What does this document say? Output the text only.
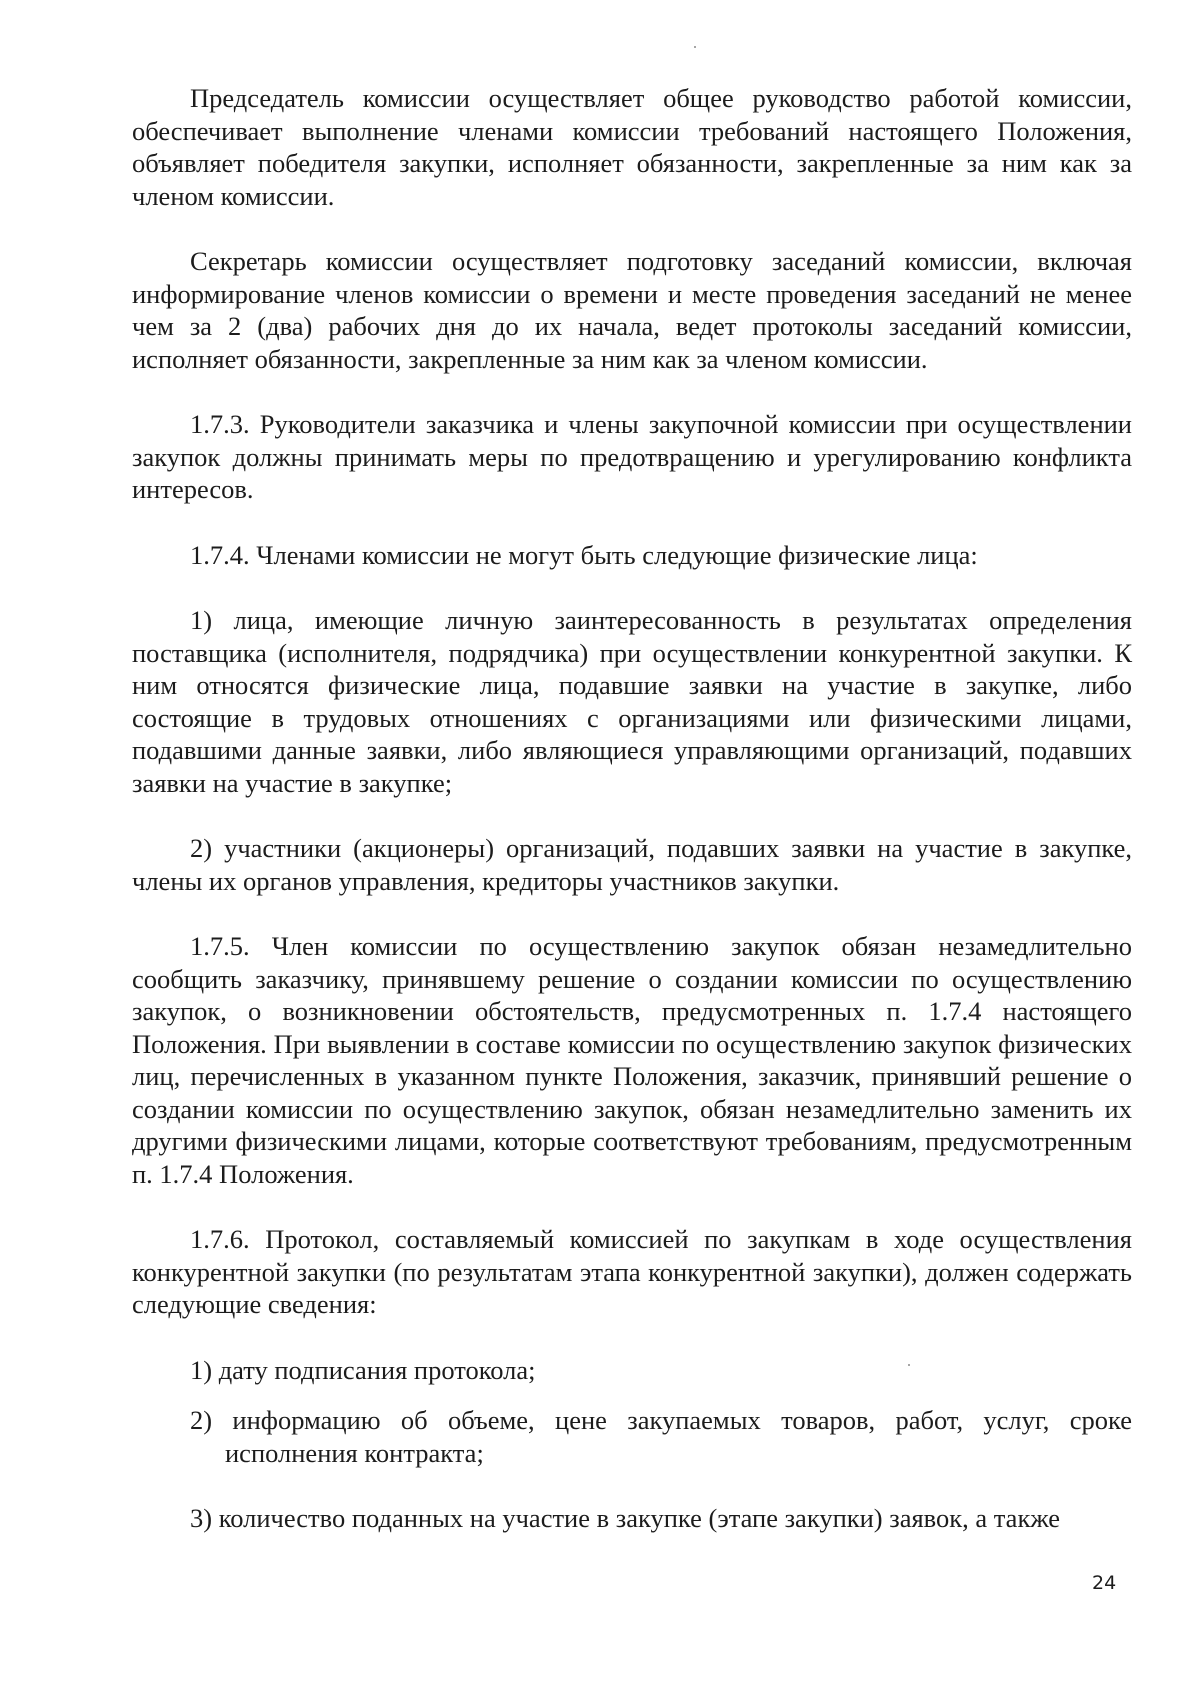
Председатель комиссии осуществляет общее руководство работой комиссии, обеспечивает выполнение членами комиссии требований настоящего Положения, объявляет победителя закупки, исполняет обязанности, закрепленные за ним как за членом комиссии.

Секретарь комиссии осуществляет подготовку заседаний комиссии, включая информирование членов комиссии о времени и месте проведения заседаний не менее чем за 2 (два) рабочих дня до их начала, ведет протоколы заседаний комиссии, исполняет обязанности, закрепленные за ним как за членом комиссии.

1.7.3. Руководители заказчика и члены закупочной комиссии при осуществлении закупок должны принимать меры по предотвращению и урегулированию конфликта интересов.

1.7.4. Членами комиссии не могут быть следующие физические лица:

1) лица, имеющие личную заинтересованность в результатах определения поставщика (исполнителя, подрядчика) при осуществлении конкурентной закупки. К ним относятся физические лица, подавшие заявки на участие в закупке, либо состоящие в трудовых отношениях с организациями или физическими лицами, подавшими данные заявки, либо являющиеся управляющими организаций, подавших заявки на участие в закупке;

2) участники (акционеры) организаций, подавших заявки на участие в закупке, члены их органов управления, кредиторы участников закупки.

1.7.5. Член комиссии по осуществлению закупок обязан незамедлительно сообщить заказчику, принявшему решение о создании комиссии по осуществлению закупок, о возникновении обстоятельств, предусмотренных п. 1.7.4 настоящего Положения. При выявлении в составе комиссии по осуществлению закупок физических лиц, перечисленных в указанном пункте Положения, заказчик, принявший решение о создании комиссии по осуществлению закупок, обязан незамедлительно заменить их другими физическими лицами, которые соответствуют требованиям, предусмотренным п. 1.7.4 Положения.

1.7.6. Протокол, составляемый комиссией по закупкам в ходе осуществления конкурентной закупки (по результатам этапа конкурентной закупки), должен содержать следующие сведения:

1) дату подписания протокола;

2) информацию об объеме, цене закупаемых товаров, работ, услуг, сроке исполнения контракта;

3) количество поданных на участие в закупке (этапе закупки) заявок, а также

24
